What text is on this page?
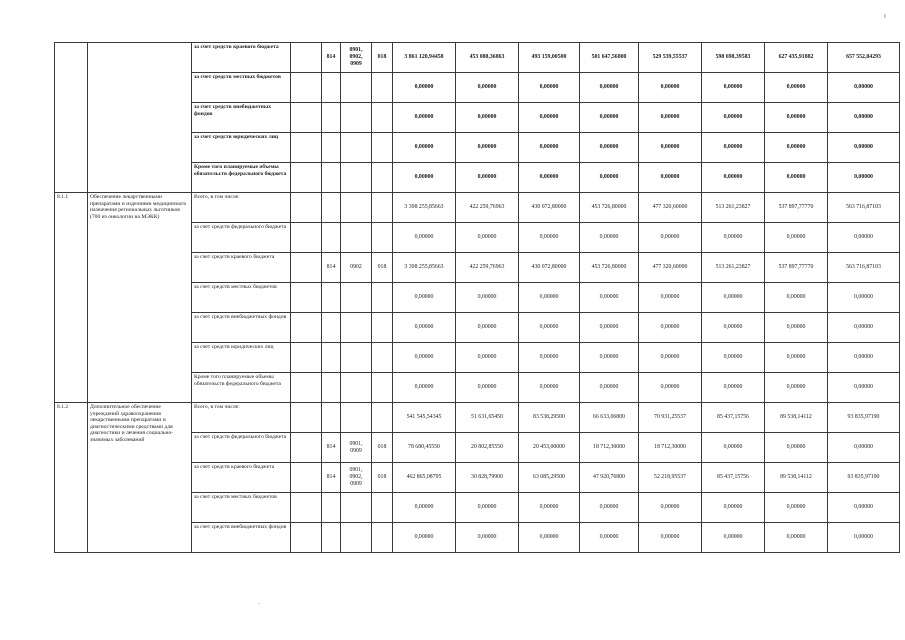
ı
·
		за счет средств краевого бюджета		814	0901, 0902, 0909	018	3 861 120,94458	453 088,36863	493 159,00500	501 647,56800	529 539,55537	598 698,39583	627 435,91882	657 552,84293
		за счет средств местных бюджетов					0,00000	0,00000	0,00000	0,00000	0,00000	0,00000	0,00000	0,00000
		за счет средств внебюджетных фондов					0,00000	0,00000	0,00000	0,00000	0,00000	0,00000	0,00000	0,00000
		за счет средств юридических лиц					0,00000	0,00000	0,00000	0,00000	0,00000	0,00000	0,00000	0,00000
		Кроме того планируемые объемы обязательств федерального бюджета					0,00000	0,00000	0,00000	0,00000	0,00000	0,00000	0,00000	0,00000
8.1.1	Обеспечение лекарственными препаратами и изделиями медицинского назначения региональных льготников (700 из онкологии на МЭКК)	Всего, в том числе:					3 398 255,85663	422 259,76963	430 072,80000	453 726,80000	477 320,60000	513 261,23827	537 897,77770	563 716,87103
		за счет средств федерального бюджета					0,00000	0,00000	0,00000	0,00000	0,00000	0,00000	0,00000	0,00000
		за счет средств краевого бюджета		814	0902	018	3 398 255,85663	422 259,76963	430 072,80000	453 726,80000	477 320,60000	513 261,23827	537 897,77770	563 716,87103
		за счет средств местных бюджетов					0,00000	0,00000	0,00000	0,00000	0,00000	0,00000	0,00000	0,00000
		за счет средств внебюджетных фондов					0,00000	0,00000	0,00000	0,00000	0,00000	0,00000	0,00000	0,00000
		за счет средств юридических лиц					0,00000	0,00000	0,00000	0,00000	0,00000	0,00000	0,00000	0,00000
		Кроме того планируемые объемы обязательств федерального бюджета					0,00000	0,00000	0,00000	0,00000	0,00000	0,00000	0,00000	0,00000
8.1.2	Дополнительное обеспечение учреждений здравоохранения лекарственными препаратами и диагностическими средствами для диагностики и лечения социально-значимых заболеваний	Всего, в том числе:					541 545,54345	51 631,65450	83 538,29500	66 633,06800	70 931,25537	85 437,15756	89 538,14112	93 835,97190
		за счет средств федерального бюджета		814	0901, 0909	018	78 680,45550	20 802,85550	20 453,00000	18 712,30000	18 712,30000	0,00000	0,00000	0,00000
		за счет средств краевого бюджета		814	0901, 0902, 0909	018	462 865,08795	30 828,79900	63 085,29500	47 920,76800	52 218,95537	85 437,15756	89 538,14112	93 835,97190
		за счет средств местных бюджетов					0,00000	0,00000	0,00000	0,00000	0,00000	0,00000	0,00000	0,00000
		за счет средств внебюджетных фондов					0,00000	0,00000	0,00000	0,00000	0,00000	0,00000	0,00000	0,00000
